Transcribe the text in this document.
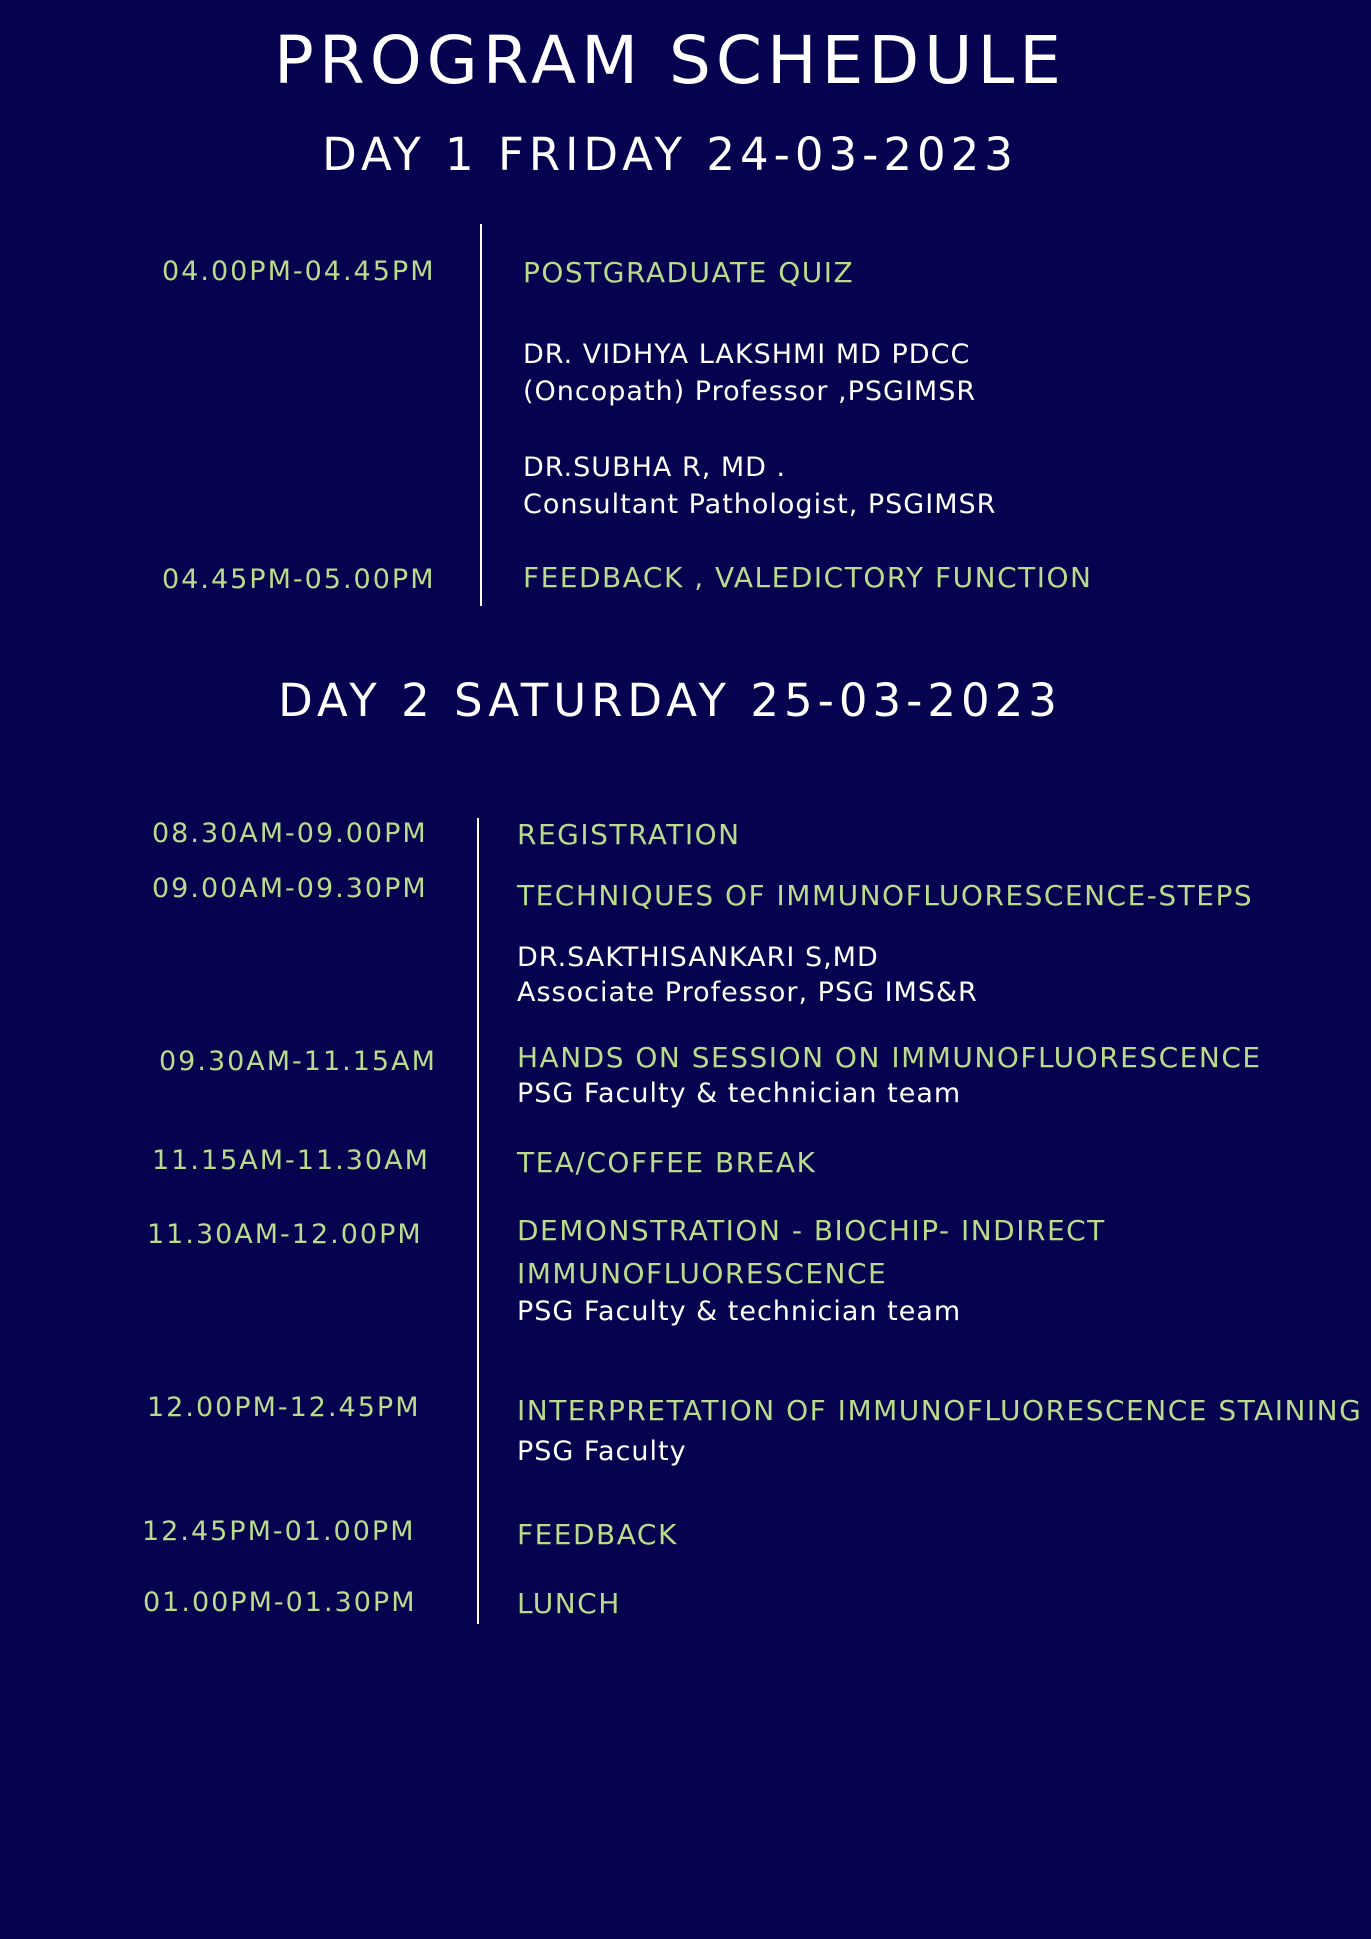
PROGRAM SCHEDULE
DAY 1 FRIDAY 24-03-2023
04.00PM-04.45PM	POSTGRADUATE QUIZ
DR. VIDHYA LAKSHMI MD PDCC
(Oncopath) Professor ,PSGIMSR
DR.SUBHA R, MD .
Consultant Pathologist, PSGIMSR
04.45PM-05.00PM	FEEDBACK , VALEDICTORY FUNCTION
DAY 2 SATURDAY 25-03-2023
08.30AM-09.00PM	REGISTRATION
09.00AM-09.30PM	TECHNIQUES OF IMMUNOFLUORESCENCE-STEPS
DR.SAKTHISANKARI S,MD
Associate Professor, PSG IMS&R
09.30AM-11.15AM	HANDS ON SESSION ON IMMUNOFLUORESCENCE
PSG Faculty & technician team
11.15AM-11.30AM	TEA/COFFEE BREAK
11.30AM-12.00PM	DEMONSTRATION - BIOCHIP- INDIRECT
IMMUNOFLUORESCENCE
PSG Faculty & technician team
12.00PM-12.45PM	INTERPRETATION OF IMMUNOFLUORESCENCE STAINING
PSG Faculty
12.45PM-01.00PM	FEEDBACK
01.00PM-01.30PM	LUNCH
